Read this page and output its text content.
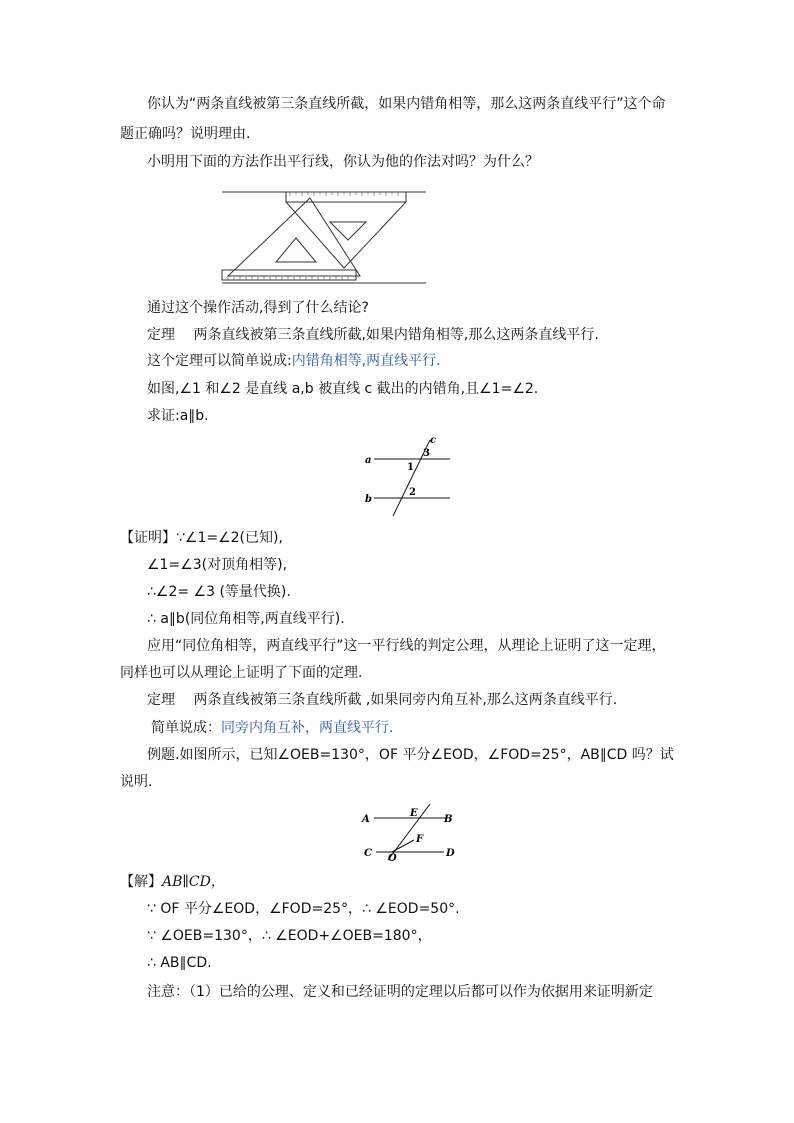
你认为“两条直线被第三条直线所截，如果内错角相等，那么这两条直线平行”这个命
题正确吗？说明理由.
小明用下面的方法作出平行线，你认为他的作法对吗？为什么？
通过这个操作活动,得到了什么结论?
定理 两条直线被第三条直线所截,如果内错角相等,那么这两条直线平行.
这个定理可以简单说成:内错角相等,两直线平行.
如图,∠1 和∠2 是直线 a,b 被直线 c 截出的内错角,且∠1=∠2.
求证:a∥b.
a
b
c
1
2
3
【证明】∵∠1=∠2(已知),
∠1=∠3(对顶角相等),
∴∠2= ∠3 (等量代换).
∴ a∥b(同位角相等,两直线平行).
应用“同位角相等，两直线平行”这一平行线的判定公理，从理论上证明了这一定理，
同样也可以从理论上证明了下面的定理.
定理 两条直线被第三条直线所截 ,如果同旁内角互补,那么这两条直线平行.
简单说成：同旁内角互补，两直线平行.
例题.如图所示，已知∠OEB=130°，OF 平分∠EOD，∠FOD=25°，AB∥CD 吗？试
说明．
A	B
C	D
E
F
O
【解】AB∥CD，
∵ OF 平分∠EOD，∠FOD=25°，∴ ∠EOD=50°.
∵ ∠OEB=130°，∴ ∠EOD+∠OEB=180°，
∴ AB∥CD.
注意：（1）已给的公理、定义和已经证明的定理以后都可以作为依据用来证明新定
